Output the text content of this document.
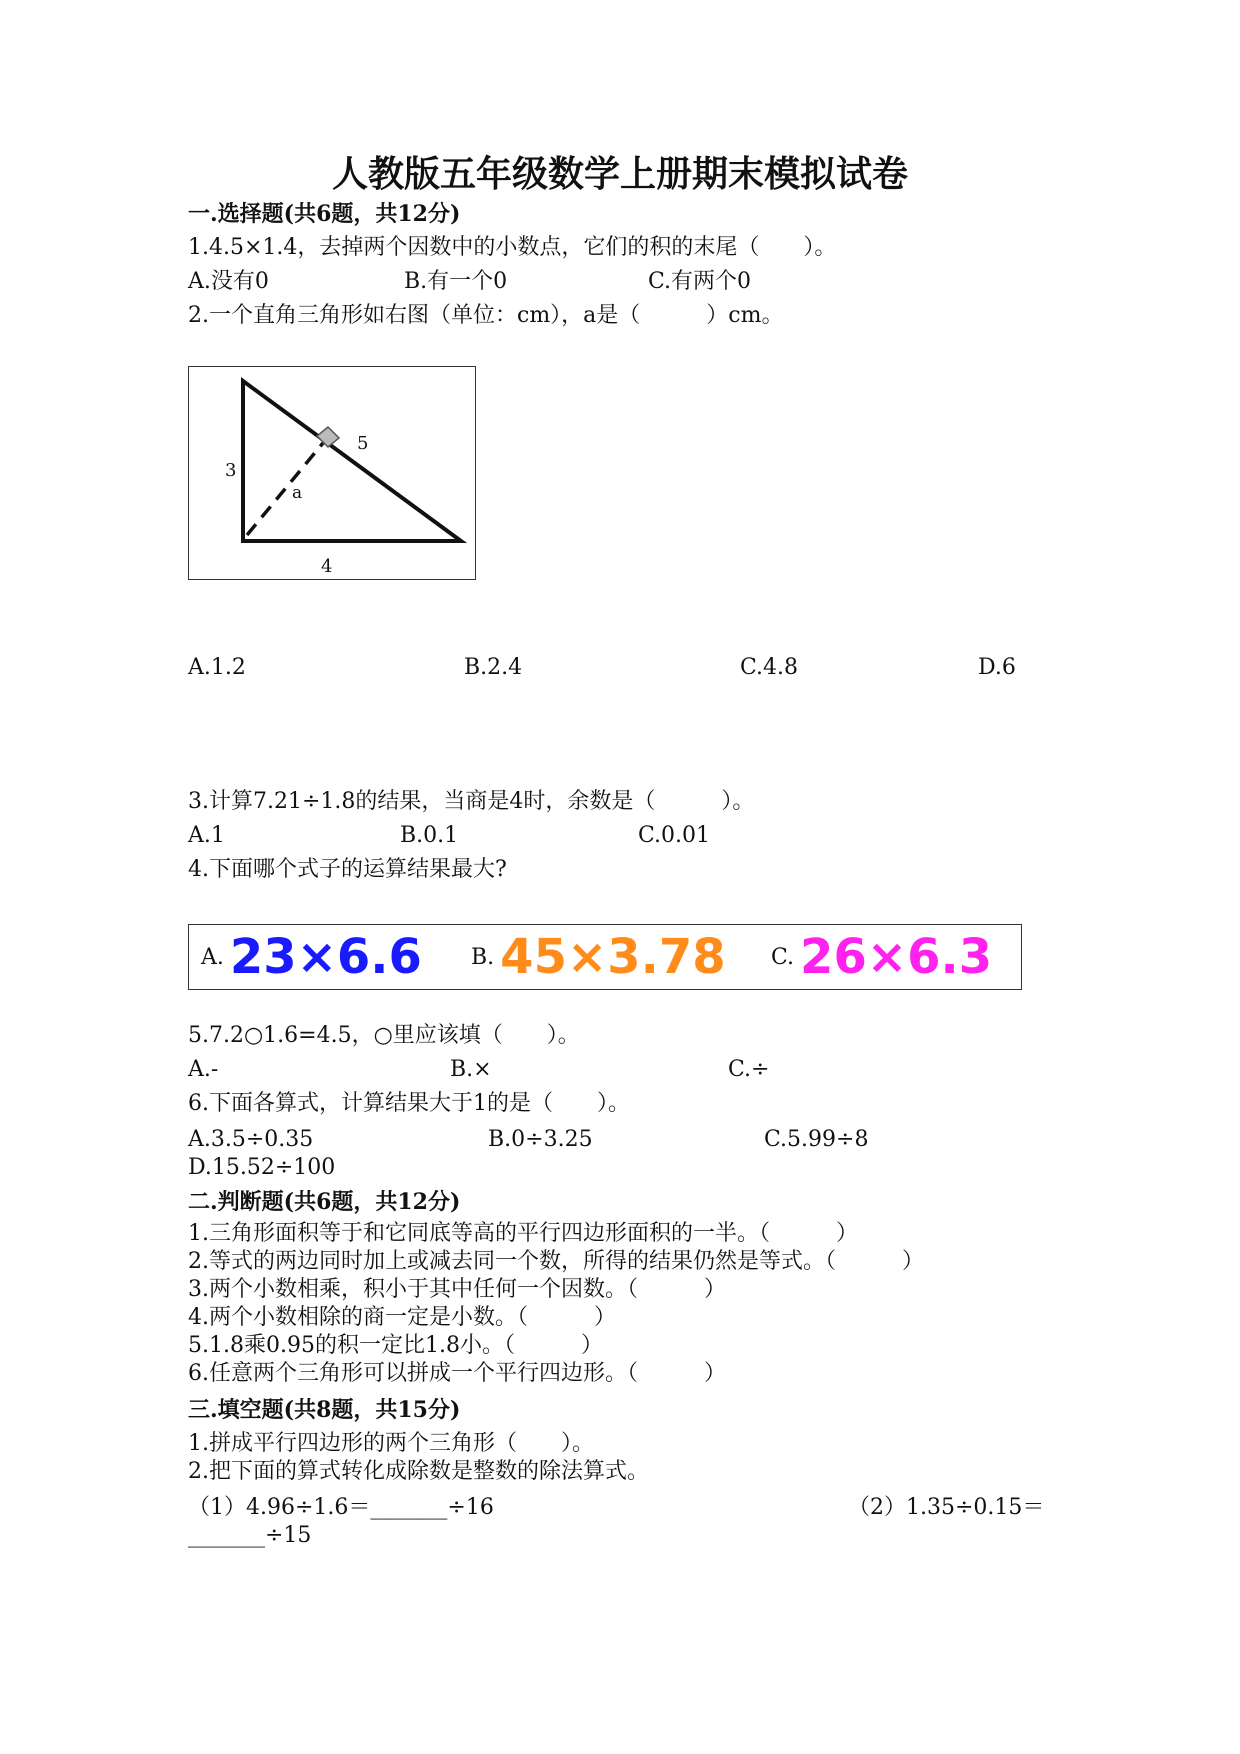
人教版五年级数学上册期末模拟试卷
一.选择题(共6题，共12分)
1.4.5×1.4，去掉两个因数中的小数点，它们的积的末尾（　　）。
A.没有0	B.有一个0	C.有两个0
2.一个直角三角形如右图（单位：cm），a是（　　　）cm。
3
4
5
a
A.1.2	B.2.4	C.4.8	D.6
3.计算7.21÷1.8的结果，当商是4时，余数是（　　　）。
A.1	B.0.1	C.0.01
4.下面哪个式子的运算结果最大?
A. 23×6.6 B. 45×3.78 C. 26×6.3
5.7.2○1.6=4.5，○里应该填（　　）。
A.-	B.×	C.÷
6.下面各算式，计算结果大于1的是（　　）。
A.3.5÷0.35	B.0÷3.25	C.5.99÷8
D.15.52÷100
二.判断题(共6题，共12分)
1.三角形面积等于和它同底等高的平行四边形面积的一半。（　　　）
2.等式的两边同时加上或减去同一个数，所得的结果仍然是等式。（　　　）
3.两个小数相乘，积小于其中任何一个因数。（　　　）
4.两个小数相除的商一定是小数。（　　　）
5.1.8乘0.95的积一定比1.8小。（　　　）
6.任意两个三角形可以拼成一个平行四边形。（　　　）
三.填空题(共8题，共15分)
1.拼成平行四边形的两个三角形（　　）。
2.把下面的算式转化成除数是整数的除法算式。
（1）4.96÷1.6＝_______÷16	（2）1.35÷0.15＝
_______÷15
